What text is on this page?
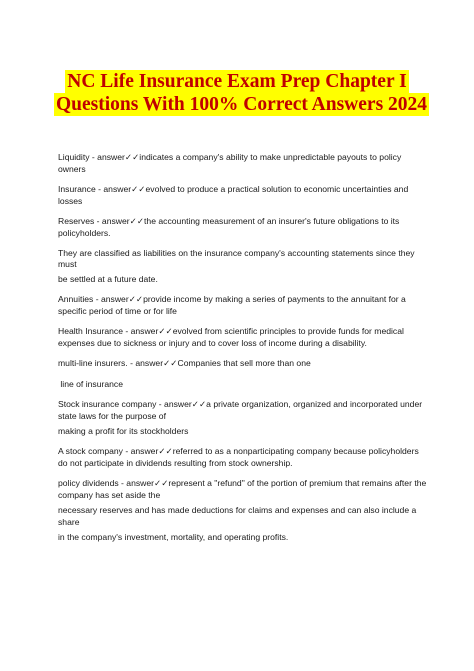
NC Life Insurance Exam Prep Chapter I
Questions With 100% Correct Answers 2024

Liquidity - answer✓✓indicates a company's ability to make unpredictable payouts to policy owners

Insurance - answer✓✓evolved to produce a practical solution to economic uncertainties and losses

Reserves - answer✓✓the accounting measurement of an insurer's future obligations to its policyholders.

They are classified as liabilities on the insurance company's accounting statements since they must

be settled at a future date.

Annuities - answer✓✓provide income by making a series of payments to the annuitant for a specific period of time or for life

Health Insurance - answer✓✓evolved from scientific principles to provide funds for medical expenses due to sickness or injury and to cover loss of income during a disability.

multi-line insurers. - answer✓✓Companies that sell more than one

line of insurance

Stock insurance company - answer✓✓a private organization, organized and incorporated under state laws for the purpose of

making a profit for its stockholders

A stock company - answer✓✓referred to as a nonparticipating company because policyholders do not participate in dividends resulting from stock ownership.

policy dividends - answer✓✓represent a "refund" of the portion of premium that remains after the company has set aside the

necessary reserves and has made deductions for claims and expenses and can also include a share

in the company's investment, mortality, and operating profits.
